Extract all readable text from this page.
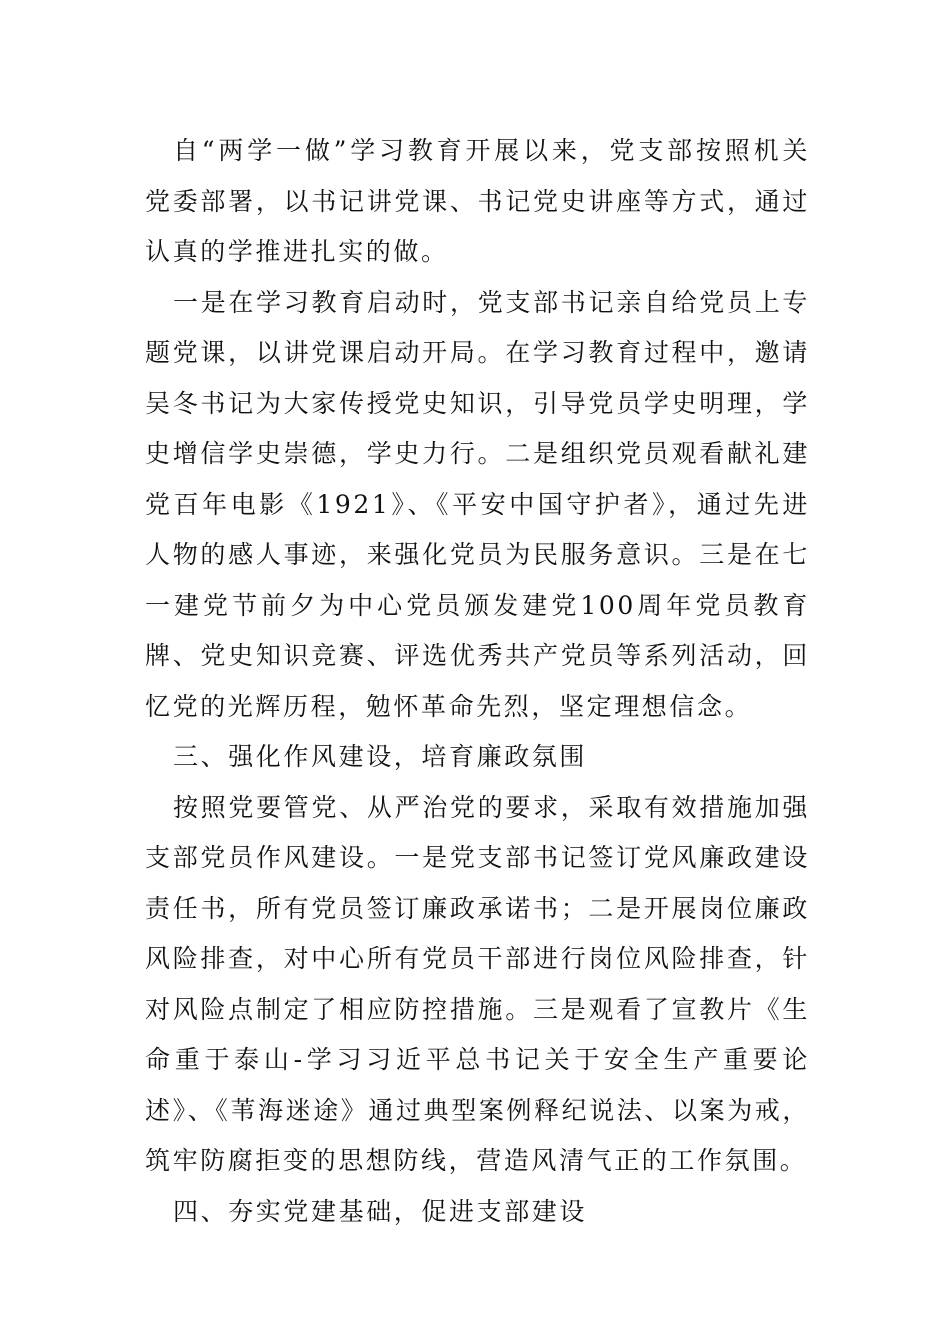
自“两学一做”学习教育开展以来，党支部按照机关党委部署，以书记讲党课、书记党史讲座等方式，通过认真的学推进扎实的做。

一是在学习教育启动时，党支部书记亲自给党员上专题党课，以讲党课启动开局。在学习教育过程中，邀请吴冬书记为大家传授党史知识，引导党员学史明理，学史增信学史崇德，学史力行。二是组织党员观看献礼建党百年电影《1921》、《平安中国守护者》，通过先进人物的感人事迹，来强化党员为民服务意识。三是在七一建党节前夕为中心党员颁发建党100周年党员教育牌、党史知识竞赛、评选优秀共产党员等系列活动，回忆党的光辉历程，勉怀革命先烈，坚定理想信念。

三、强化作风建设，培育廉政氛围

按照党要管党、从严治党的要求，采取有效措施加强支部党员作风建设。一是党支部书记签订党风廉政建设责任书，所有党员签订廉政承诺书；二是开展岗位廉政风险排查，对中心所有党员干部进行岗位风险排查，针对风险点制定了相应防控措施。三是观看了宣教片《生命重于泰山-学习习近平总书记关于安全生产重要论述》、《苇海迷途》通过典型案例释纪说法、以案为戒，筑牢防腐拒变的思想防线，营造风清气正的工作氛围。

四、夯实党建基础，促进支部建设
